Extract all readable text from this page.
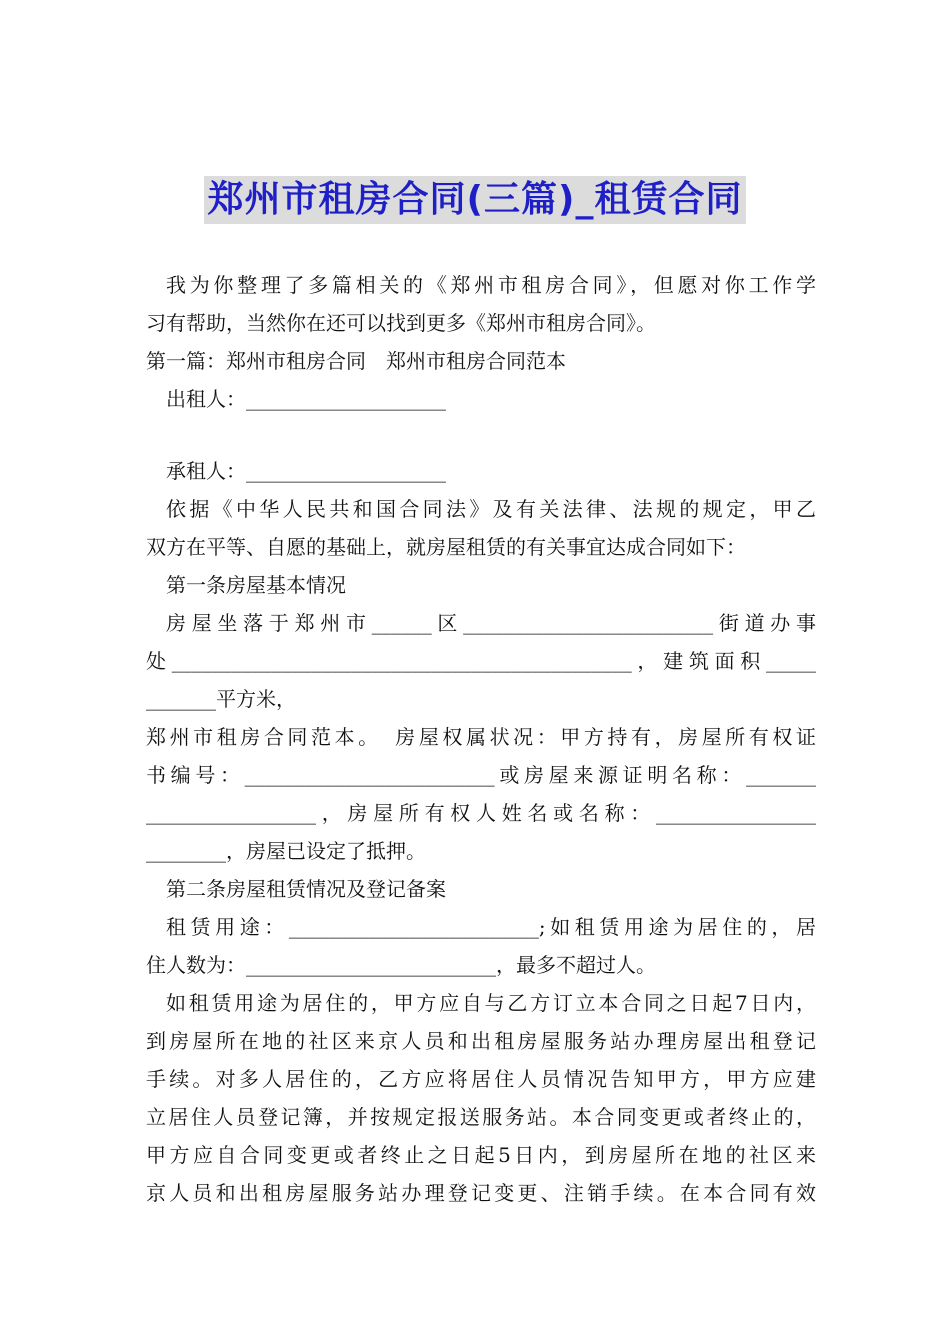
郑州市租房合同(三篇)_租赁合同
我为你整理了多篇相关的《郑州市租房合同》，但愿对你工作学
习有帮助，当然你在还可以找到更多《郑州市租房合同》。
第一篇：郑州市租房合同　郑州市租房合同范本
出租人：____________________
承租人：____________________
依据《中华人民共和国合同法》及有关法律、法规的规定，甲乙
双方在平等、自愿的基础上，就房屋租赁的有关事宜达成合同如下：
第一条房屋基本情况
房屋坐落于郑州市______区_________________________街道办事
处______________________________________________，建筑面积_____
_______平方米，
郑州市租房合同范本。　房屋权属状况：甲方持有，房屋所有权证
书编号：_________________________或房屋来源证明名称：_______
_________________，房屋所有权人姓名或名称：________________
________，房屋已设定了抵押。
第二条房屋租赁情况及登记备案
租赁用途：_________________________;如租赁用途为居住的，居
住人数为：_________________________，最多不超过人。
如租赁用途为居住的，甲方应自与乙方订立本合同之日起7日内，
到房屋所在地的社区来京人员和出租房屋服务站办理房屋出租登记
手续。对多人居住的，乙方应将居住人员情况告知甲方，甲方应建
立居住人员登记簿，并按规定报送服务站。本合同变更或者终止的，
甲方应自合同变更或者终止之日起5日内，到房屋所在地的社区来
京人员和出租房屋服务站办理登记变更、注销手续。在本合同有效
